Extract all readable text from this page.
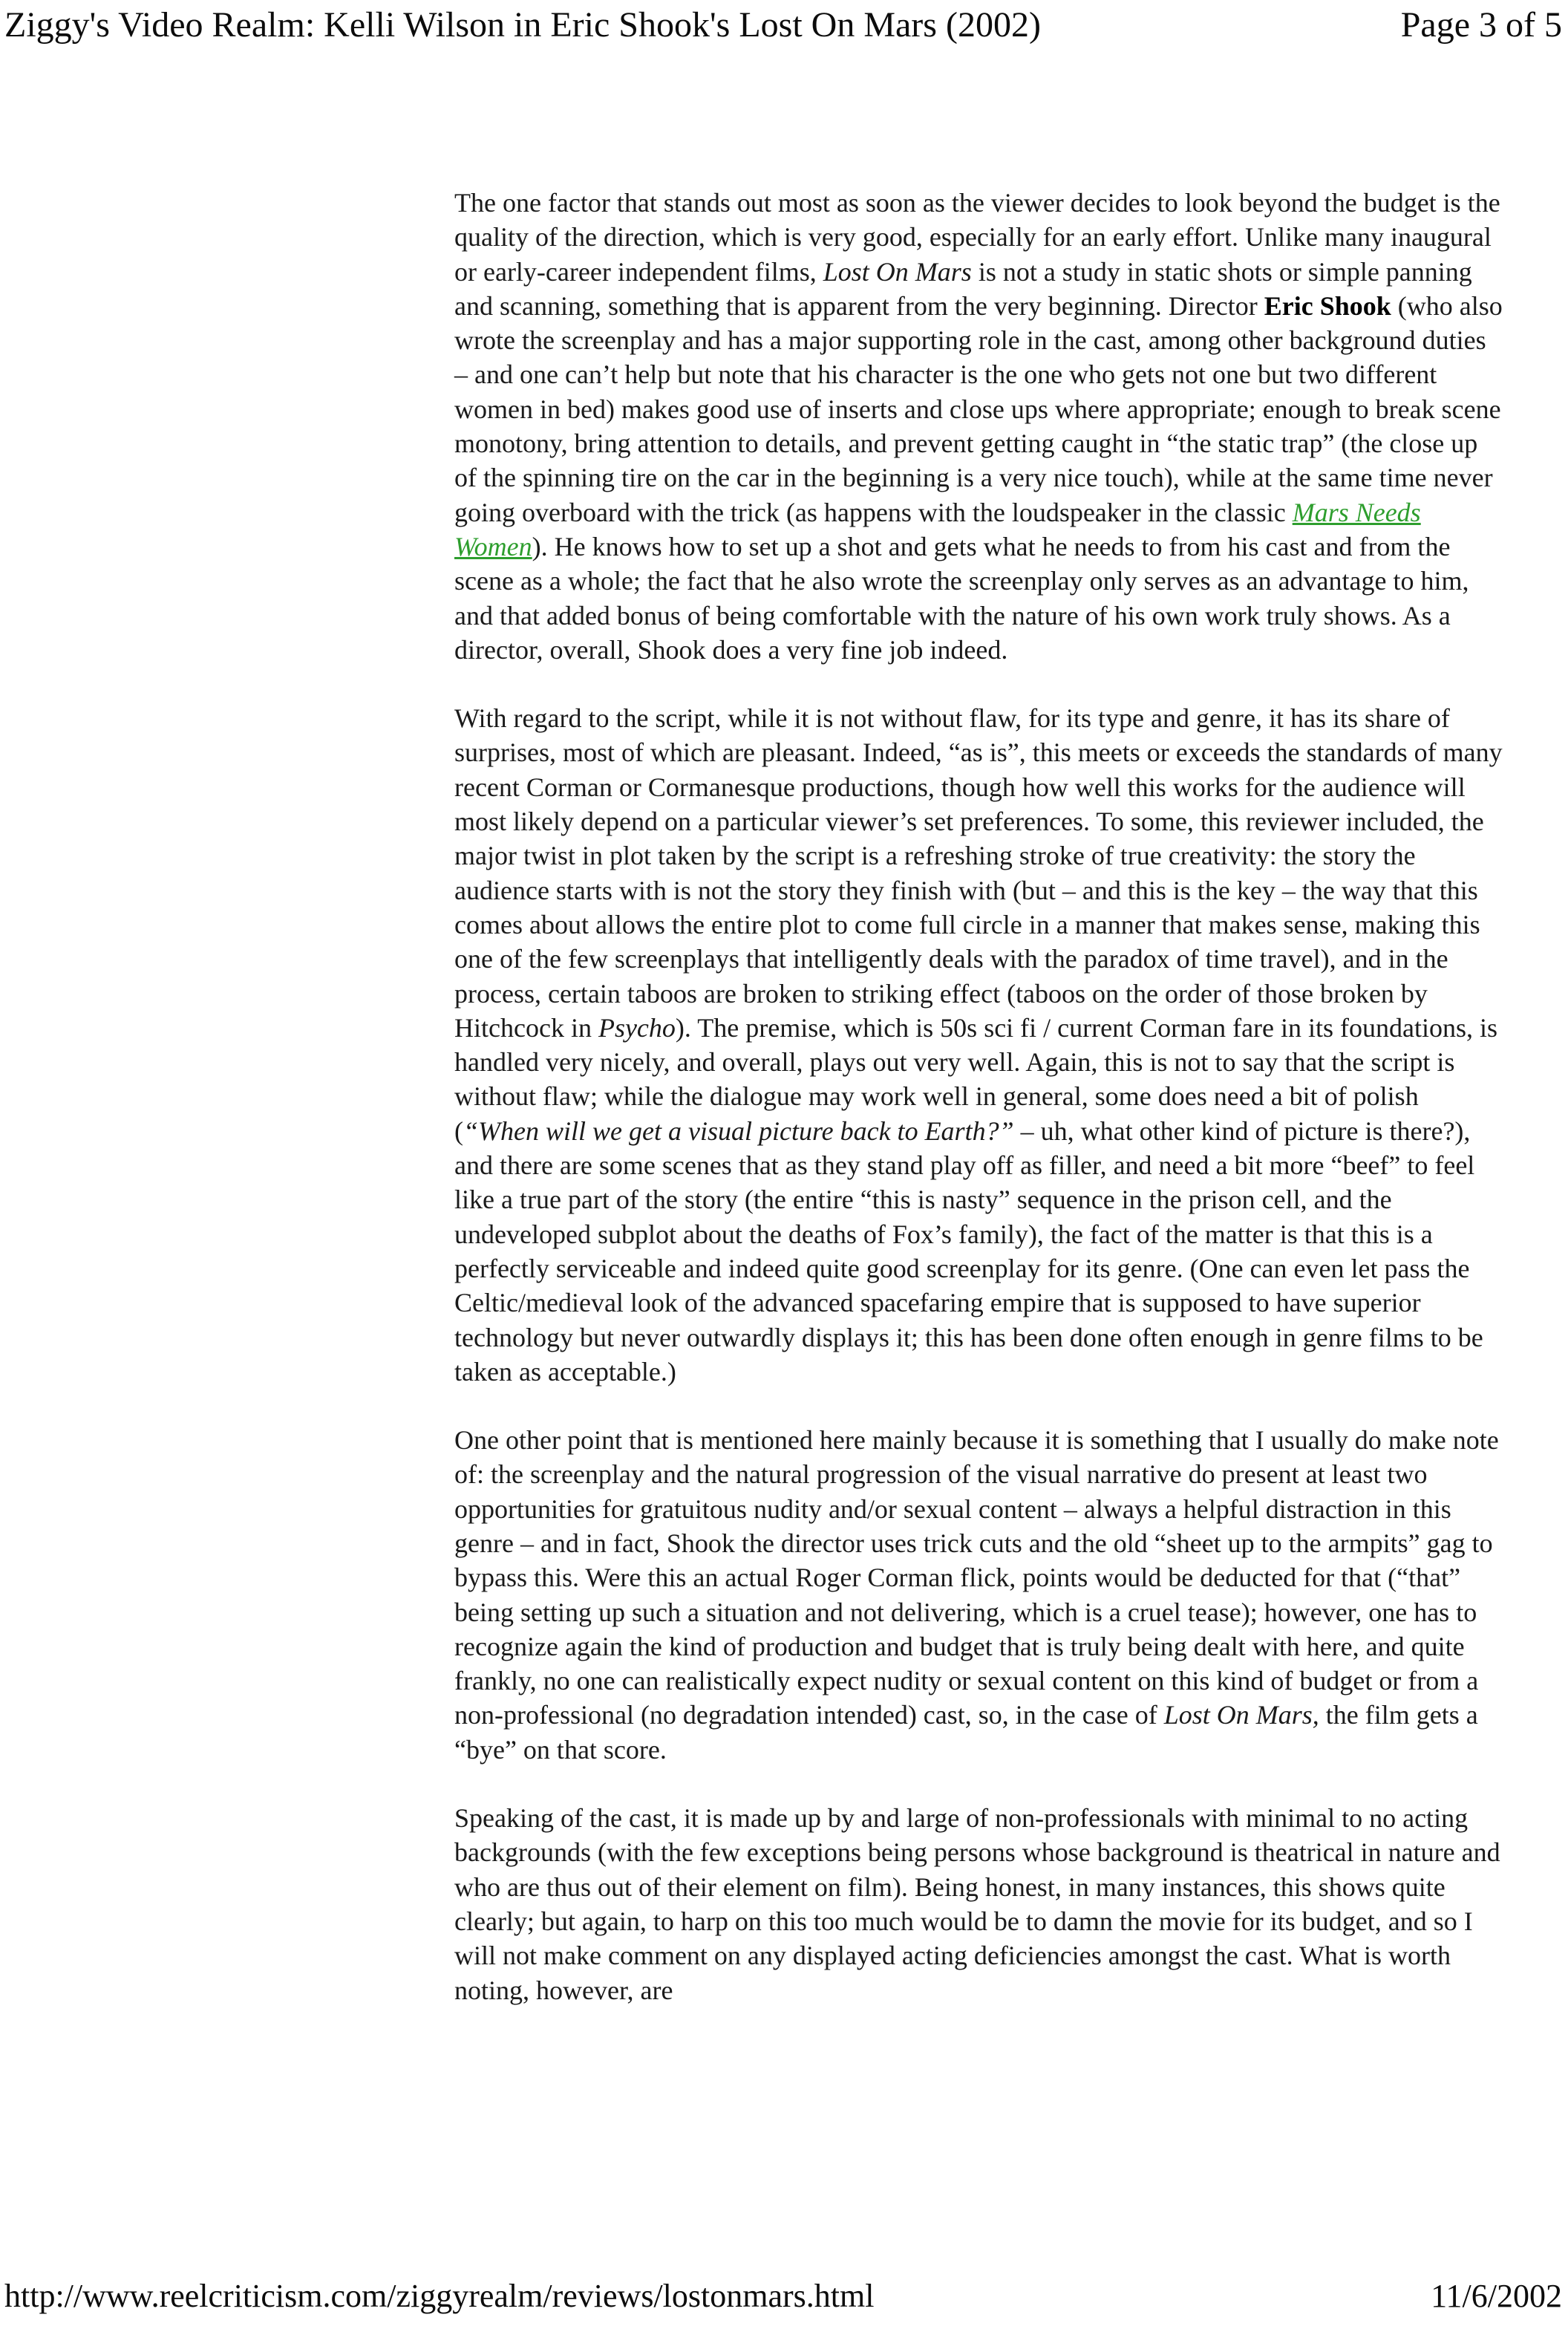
Ziggy's Video Realm: Kelli Wilson in Eric Shook's Lost On Mars (2002)	Page 3 of 5

The one factor that stands out most as soon as the viewer decides to look beyond the budget is the quality of the direction, which is very good, especially for an early effort. Unlike many inaugural or early-career independent films, Lost On Mars is not a study in static shots or simple panning and scanning, something that is apparent from the very beginning. Director Eric Shook (who also wrote the screenplay and has a major supporting role in the cast, among other background duties – and one can’t help but note that his character is the one who gets not one but two different women in bed) makes good use of inserts and close ups where appropriate; enough to break scene monotony, bring attention to details, and prevent getting caught in “the static trap” (the close up of the spinning tire on the car in the beginning is a very nice touch), while at the same time never going overboard with the trick (as happens with the loudspeaker in the classic Mars Needs Women). He knows how to set up a shot and gets what he needs to from his cast and from the scene as a whole; the fact that he also wrote the screenplay only serves as an advantage to him, and that added bonus of being comfortable with the nature of his own work truly shows. As a director, overall, Shook does a very fine job indeed.

With regard to the script, while it is not without flaw, for its type and genre, it has its share of surprises, most of which are pleasant. Indeed, “as is”, this meets or exceeds the standards of many recent Corman or Cormanesque productions, though how well this works for the audience will most likely depend on a particular viewer’s set preferences. To some, this reviewer included, the major twist in plot taken by the script is a refreshing stroke of true creativity: the story the audience starts with is not the story they finish with (but – and this is the key – the way that this comes about allows the entire plot to come full circle in a manner that makes sense, making this one of the few screenplays that intelligently deals with the paradox of time travel), and in the process, certain taboos are broken to striking effect (taboos on the order of those broken by Hitchcock in Psycho). The premise, which is 50s sci fi / current Corman fare in its foundations, is handled very nicely, and overall, plays out very well. Again, this is not to say that the script is without flaw; while the dialogue may work well in general, some does need a bit of polish (“When will we get a visual picture back to Earth?” – uh, what other kind of picture is there?), and there are some scenes that as they stand play off as filler, and need a bit more “beef” to feel like a true part of the story (the entire “this is nasty” sequence in the prison cell, and the undeveloped subplot about the deaths of Fox’s family), the fact of the matter is that this is a perfectly serviceable and indeed quite good screenplay for its genre. (One can even let pass the Celtic/medieval look of the advanced spacefaring empire that is supposed to have superior technology but never outwardly displays it; this has been done often enough in genre films to be taken as acceptable.)

One other point that is mentioned here mainly because it is something that I usually do make note of: the screenplay and the natural progression of the visual narrative do present at least two opportunities for gratuitous nudity and/or sexual content – always a helpful distraction in this genre – and in fact, Shook the director uses trick cuts and the old “sheet up to the armpits” gag to bypass this. Were this an actual Roger Corman flick, points would be deducted for that (“that” being setting up such a situation and not delivering, which is a cruel tease); however, one has to recognize again the kind of production and budget that is truly being dealt with here, and quite frankly, no one can realistically expect nudity or sexual content on this kind of budget or from a non-professional (no degradation intended) cast, so, in the case of Lost On Mars, the film gets a “bye” on that score.

Speaking of the cast, it is made up by and large of non-professionals with minimal to no acting backgrounds (with the few exceptions being persons whose background is theatrical in nature and who are thus out of their element on film). Being honest, in many instances, this shows quite clearly; but again, to harp on this too much would be to damn the movie for its budget, and so I will not make comment on any displayed acting deficiencies amongst the cast. What is worth noting, however, are

http://www.reelcriticism.com/ziggyrealm/reviews/lostonmars.html	11/6/2002
